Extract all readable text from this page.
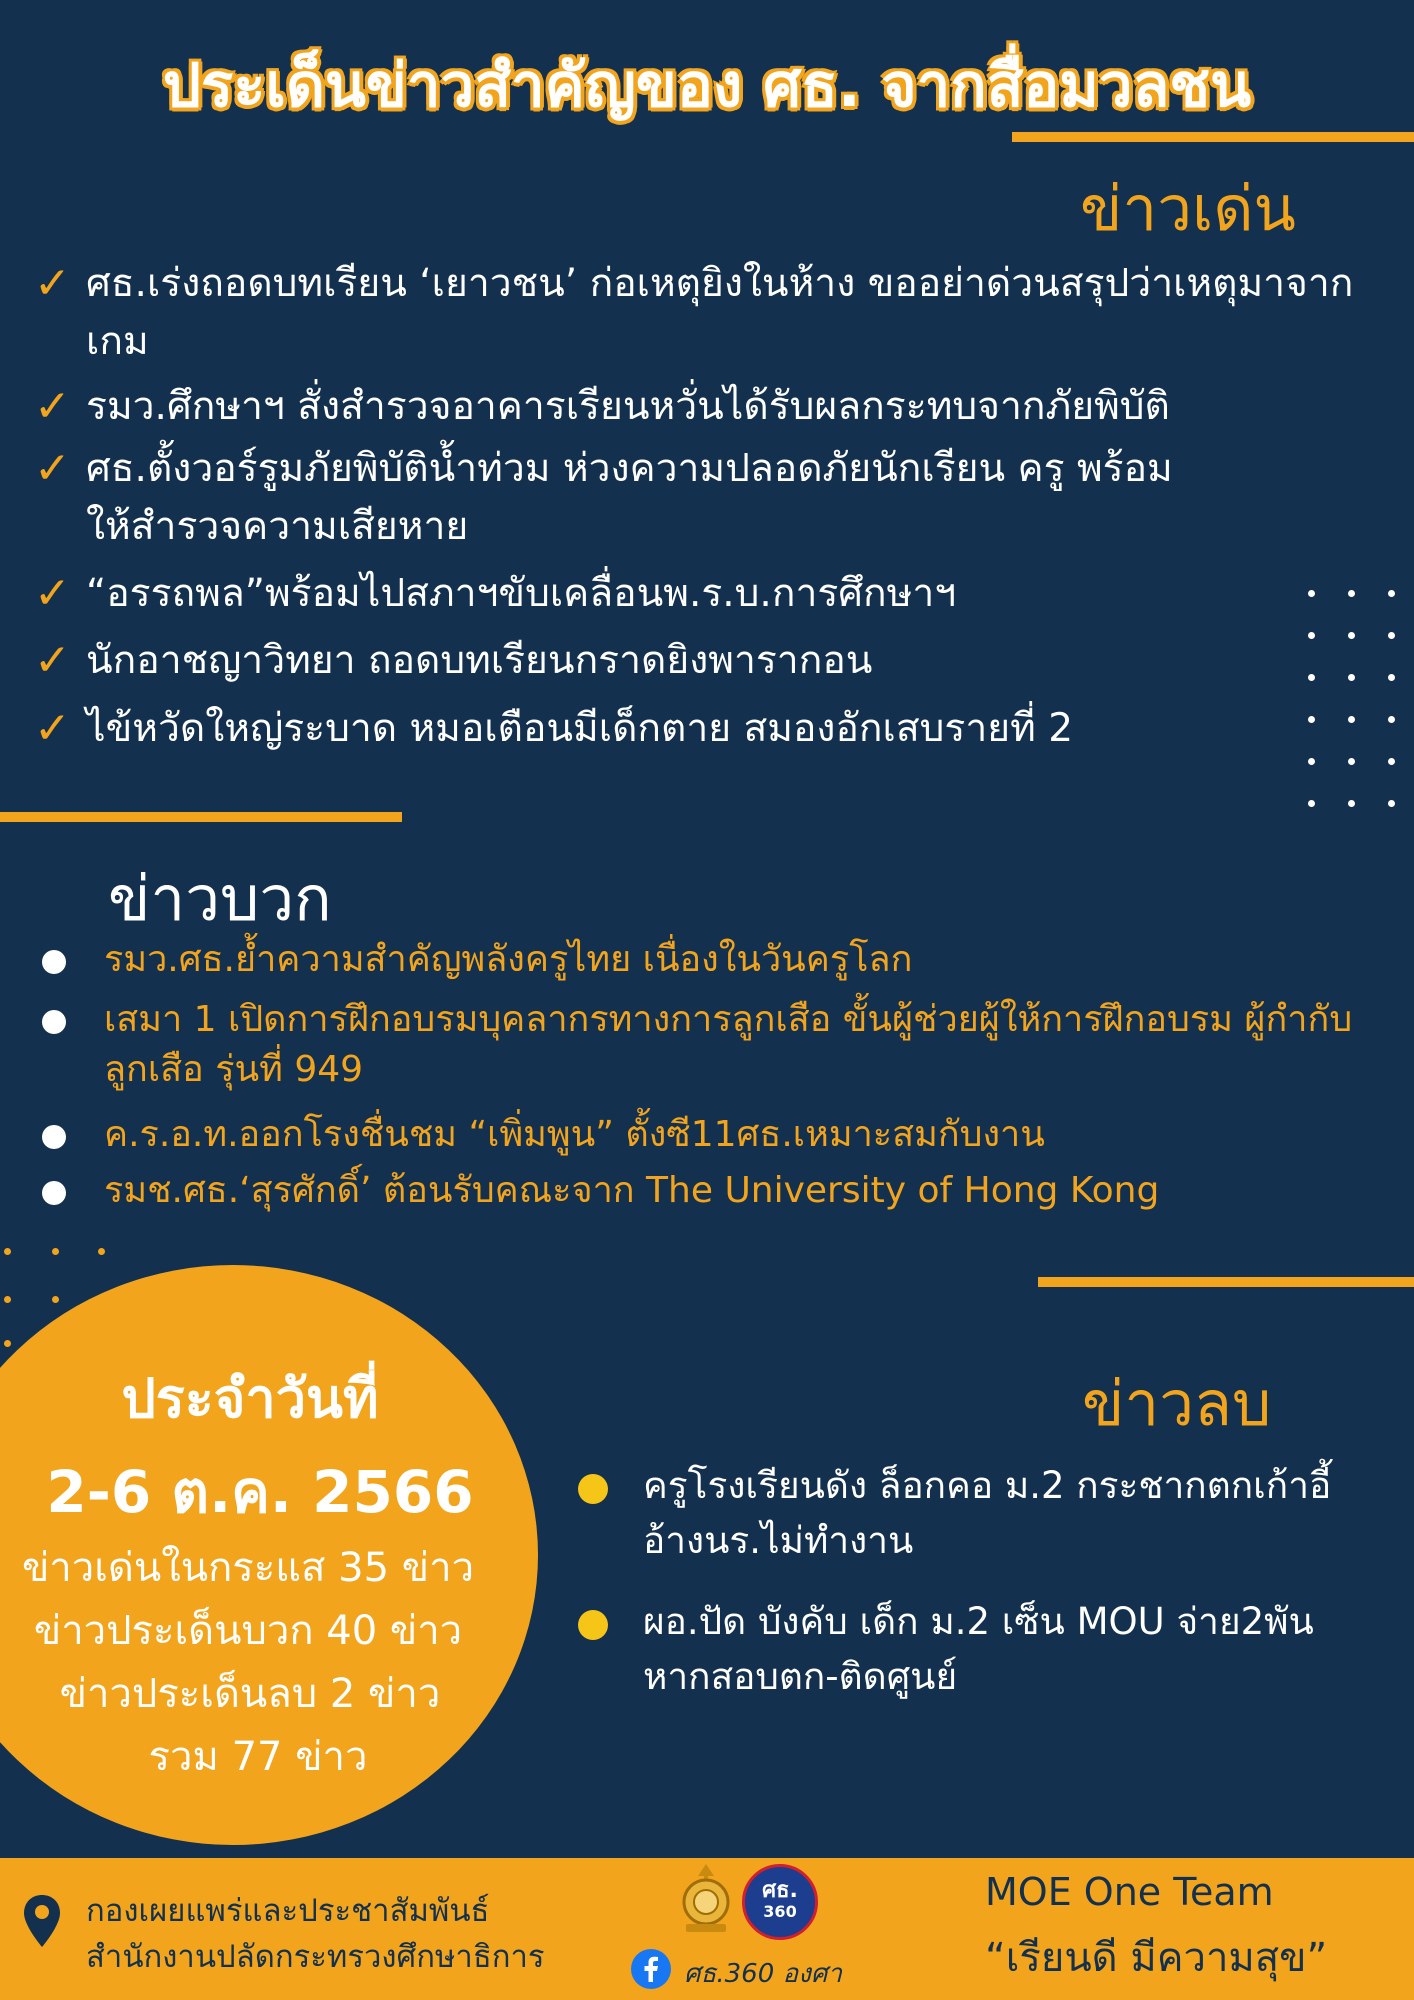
ประเด็นข่าวสำคัญของ ศธ. จากสื่อมวลชน
ข่าวเด่น
✓ ศธ.เร่งถอดบทเรียน ‘เยาวชน’ ก่อเหตุยิงในห้าง ขออย่าด่วนสรุปว่าเหตุมาจากเกม
✓ รมว.ศึกษาฯ สั่งสำรวจอาคารเรียนหวั่นได้รับผลกระทบจากภัยพิบัติ
✓ ศธ.ตั้งวอร์รูมภัยพิบัติน้ำท่วม ห่วงความปลอดภัยนักเรียน ครู พร้อมให้สำรวจความเสียหาย
✓ “อรรถพล”พร้อมไปสภาฯขับเคลื่อนพ.ร.บ.การศึกษาฯ
✓ นักอาชญาวิทยา ถอดบทเรียนกราดยิงพารากอน
✓ ไข้หวัดใหญ่ระบาด หมอเตือนมีเด็กตาย สมองอักเสบรายที่ 2
ข่าวบวก
รมว.ศธ.ย้ำความสำคัญพลังครูไทย เนื่องในวันครูโลก
เสมา 1 เปิดการฝึกอบรมบุคลากรทางการลูกเสือ ขั้นผู้ช่วยผู้ให้การฝึกอบรม ผู้กำกับลูกเสือ รุ่นที่ 949
ค.ร.อ.ท.ออกโรงชื่นชม “เพิ่มพูน” ตั้งซี11ศธ.เหมาะสมกับงาน
รมช.ศธ.‘สุรศักดิ์’ ต้อนรับคณะจาก The University of Hong Kong
ประจำวันที่
2-6 ต.ค. 2566
ข่าวเด่นในกระแส 35 ข่าว
ข่าวประเด็นบวก 40 ข่าว
ข่าวประเด็นลบ 2 ข่าว
รวม 77 ข่าว
ข่าวลบ
ครูโรงเรียนดัง ล็อกคอ ม.2 กระชากตกเก้าอี้ อ้างนร.ไม่ทำงาน
ผอ.ปัด บังคับ เด็ก ม.2 เซ็น MOU จ่าย2พัน หากสอบตก-ติดศูนย์
กองเผยแพร่และประชาสัมพันธ์
สำนักงานปลัดกระทรวงศึกษาธิการ
ศธ.
360
ศธ.360 องศา
MOE One Team
“เรียนดี มีความสุข”
